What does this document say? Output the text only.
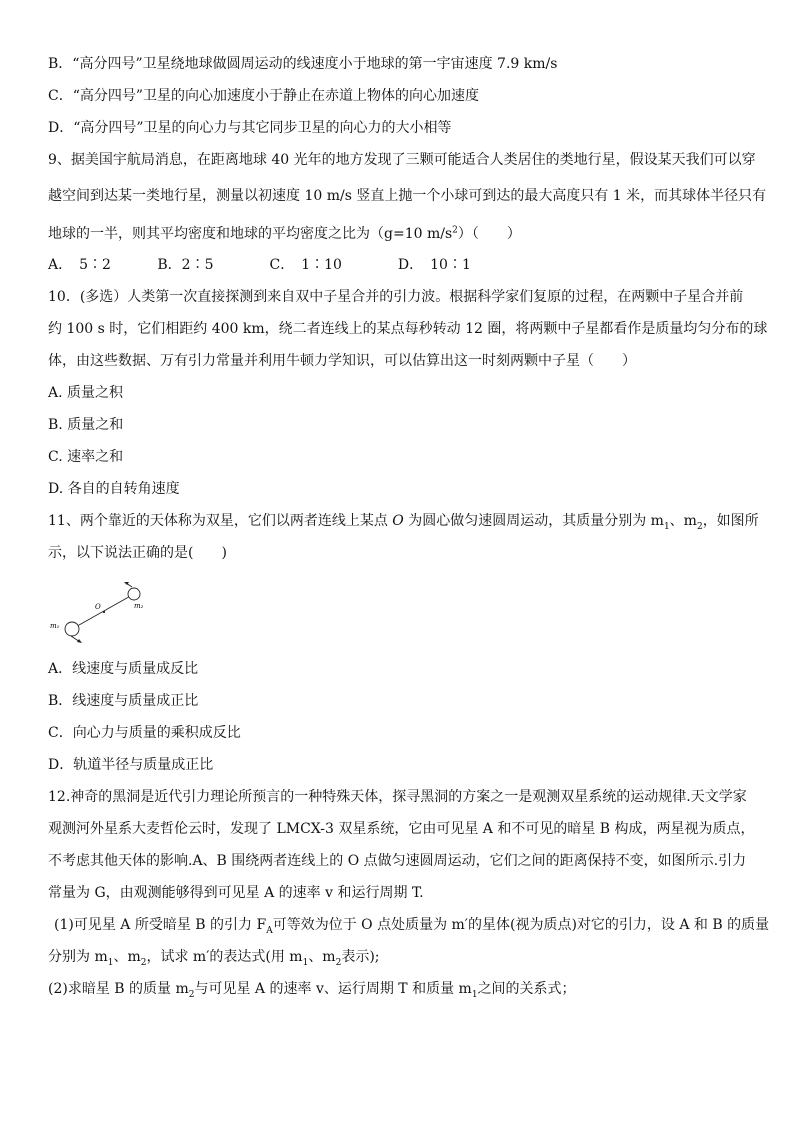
B．“高分四号”卫星绕地球做圆周运动的线速度小于地球的第一宇宙速度 7.9 km/s
C．“高分四号”卫星的向心加速度小于静止在赤道上物体的向心加速度
D．“高分四号”卫星的向心力与其它同步卫星的向心力的大小相等
9、据美国宇航局消息，在距离地球 40 光年的地方发现了三颗可能适合人类居住的类地行星，假设某天我们可以穿
越空间到达某一类地行星，测量以初速度 10 m/s 竖直上抛一个小球可到达的最大高度只有 1 米，而其球体半径只有
地球的一半，则其平均密度和地球的平均密度之比为（g=10 $m/s^2$）（　　）
A．　5∶2　　　 B．2∶5　　　　C．　1∶10　　　　D．　10∶1
10．(多选）人类第一次直接探测到来自双中子星合并的引力波。根据科学家们复原的过程，在两颗中子星合并前
约 100 s 时，它们相距约 400 km，绕二者连线上的某点每秒转动 12 圈，将两颗中子星都看作是质量均匀分布的球
体，由这些数据、万有引力常量并利用牛顿力学知识，可以估算出这一时刻两颗中子星（　　）
A. 质量之积
B. 质量之和
C. 速率之和
D. 各自的自转角速度
11、两个靠近的天体称为双星，它们以两者连线上某点 O 为圆心做匀速圆周运动，其质量分别为 $m_1$、$m_2$，如图所
示，以下说法正确的是(　　)
m₁
m₂
O
A．线速度与质量成反比
B．线速度与质量成正比
C．向心力与质量的乘积成反比
D．轨道半径与质量成正比
12.神奇的黑洞是近代引力理论所预言的一种特殊天体，探寻黑洞的方案之一是观测双星系统的运动规律.天文学家
观测河外星系大麦哲伦云时，发现了 LMCX-3 双星系统，它由可见星 A 和不可见的暗星 B 构成，两星视为质点，
不考虑其他天体的影响.A、B 围绕两者连线上的 O 点做匀速圆周运动，它们之间的距离保持不变，如图所示.引力
常量为 G，由观测能够得到可见星 A 的速率 v 和运行周期 T.
(1)可见星 A 所受暗星 B 的引力 $F_A$可等效为位于 O 点处质量为 m′的星体(视为质点)对它的引力，设 A 和 B 的质量
分别为 $m_1$、$m_2$，试求 m′的表达式(用 $m_1$、$m_2$表示);
(2)求暗星 B 的质量 $m_2$与可见星 A 的速率 v、运行周期 T 和质量 $m_1$之间的关系式；
